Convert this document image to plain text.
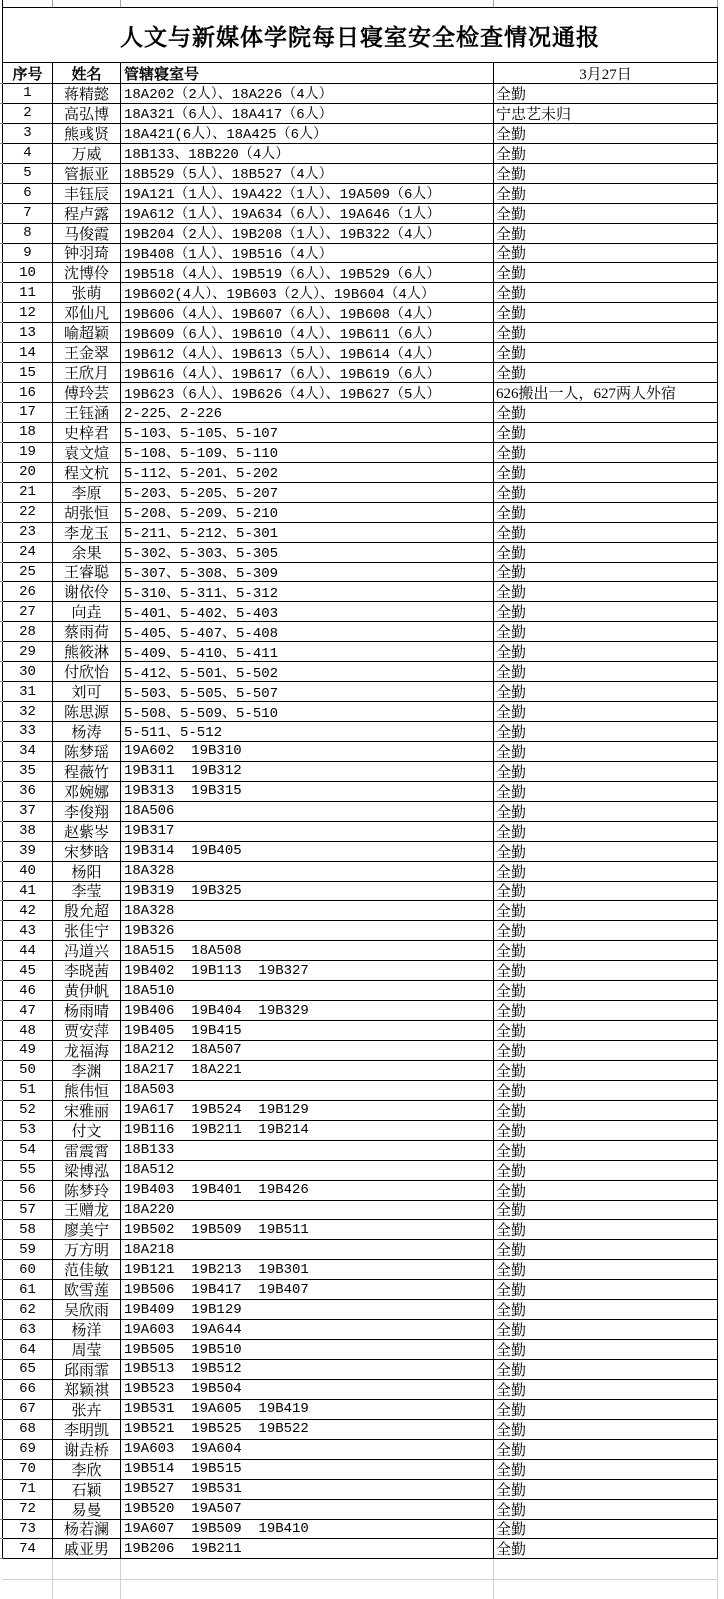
人文与新媒体学院每日寝室安全检查情况通报
序号	姓名	管辖寝室号	3月27日
1	蒋精懿	18A202（2人）、18A226（4人）	全勤
2	高弘博	18A321（6人）、18A417（6人）	宁忠艺未归
3	熊彧贤	18A421(6人）、18A425（6人）	全勤
4	万威	18B133、18B220（4人）	全勤
5	管振亚	18B529（5人）、18B527（4人）	全勤
6	丰钰辰	19A121（1人）、19A422（1人）、19A509（6人）	全勤
7	程卢露	19A612（1人）、19A634（6人）、19A646（1人）	全勤
8	马俊霞	19B204（2人）、19B208（1人）、19B322（4人）	全勤
9	钟羽琦	19B408（1人）、19B516（4人）	全勤
10	沈博伶	19B518（4人）、19B519（6人）、19B529（6人）	全勤
11	张萌	19B602(4人）、19B603（2人）、19B604（4人）	全勤
12	邓仙凡	19B606（4人）、19B607（6人）、19B608（4人）	全勤
13	喻超颖	19B609（6人）、19B610（4人）、19B611（6人）	全勤
14	王金翠	19B612（4人）、19B613（5人）、19B614（4人）	全勤
15	王欣月	19B616（4人）、19B617（6人）、19B619（6人）	全勤
16	傅玲芸	19B623（6人）、19B626（4人）、19B627（5人）	626搬出一人，627两人外宿
17	王钰涵	2-225、2-226	全勤
18	史梓君	5-103、5-105、5-107	全勤
19	袁文煊	5-108、5-109、5-110	全勤
20	程文杭	5-112、5-201、5-202	全勤
21	李原	5-203、5-205、5-207	全勤
22	胡张恒	5-208、5-209、5-210	全勤
23	李龙玉	5-211、5-212、5-301	全勤
24	余果	5-302、5-303、5-305	全勤
25	王睿聪	5-307、5-308、5-309	全勤
26	谢依伶	5-310、5-311、5-312	全勤
27	向垚	5-401、5-402、5-403	全勤
28	蔡雨荷	5-405、5-407、5-408	全勤
29	熊筱淋	5-409、5-410、5-411	全勤
30	付欣怡	5-412、5-501、5-502	全勤
31	刘可	5-503、5-505、5-507	全勤
32	陈思源	5-508、5-509、5-510	全勤
33	杨涛	5-511、5-512	全勤
34	陈梦瑶	19A602  19B310	全勤
35	程薇竹	19B311  19B312	全勤
36	邓婉娜	19B313  19B315	全勤
37	李俊翔	18A506	全勤
38	赵紫岑	19B317	全勤
39	宋梦晗	19B314  19B405	全勤
40	杨阳	18A328	全勤
41	李莹	19B319  19B325	全勤
42	殷允超	18A328	全勤
43	张佳宁	19B326	全勤
44	冯道兴	18A515  18A508	全勤
45	李晓茜	19B402  19B113  19B327	全勤
46	黄伊帆	18A510	全勤
47	杨雨晴	19B406  19B404  19B329	全勤
48	贾安萍	19B405  19B415	全勤
49	龙福海	18A212  18A507	全勤
50	李渊	18A217  18A221	全勤
51	熊伟恒	18A503	全勤
52	宋雅丽	19A617  19B524  19B129	全勤
53	付文	19B116  19B211  19B214	全勤
54	雷震霄	18B133	全勤
55	梁博泓	18A512	全勤
56	陈梦玲	19B403  19B401  19B426	全勤
57	王赠龙	18A220	全勤
58	廖美宁	19B502  19B509  19B511	全勤
59	万方明	18A218	全勤
60	范佳敏	19B121  19B213  19B301	全勤
61	欧雪莲	19B506  19B417  19B407	全勤
62	吴欣雨	19B409  19B129	全勤
63	杨洋	19A603  19A644	全勤
64	周莹	19B505  19B510	全勤
65	邱雨霏	19B513  19B512	全勤
66	郑颖祺	19B523  19B504	全勤
67	张卉	19B531  19A605  19B419	全勤
68	李明凯	19B521  19B525  19B522	全勤
69	谢垚桥	19A603  19A604	全勤
70	李欣	19B514  19B515	全勤
71	石颖	19B527  19B531	全勤
72	易曼	19B520  19A507	全勤
73	杨若澜	19A607  19B509  19B410	全勤
74	戚亚男	19B206  19B211	全勤
